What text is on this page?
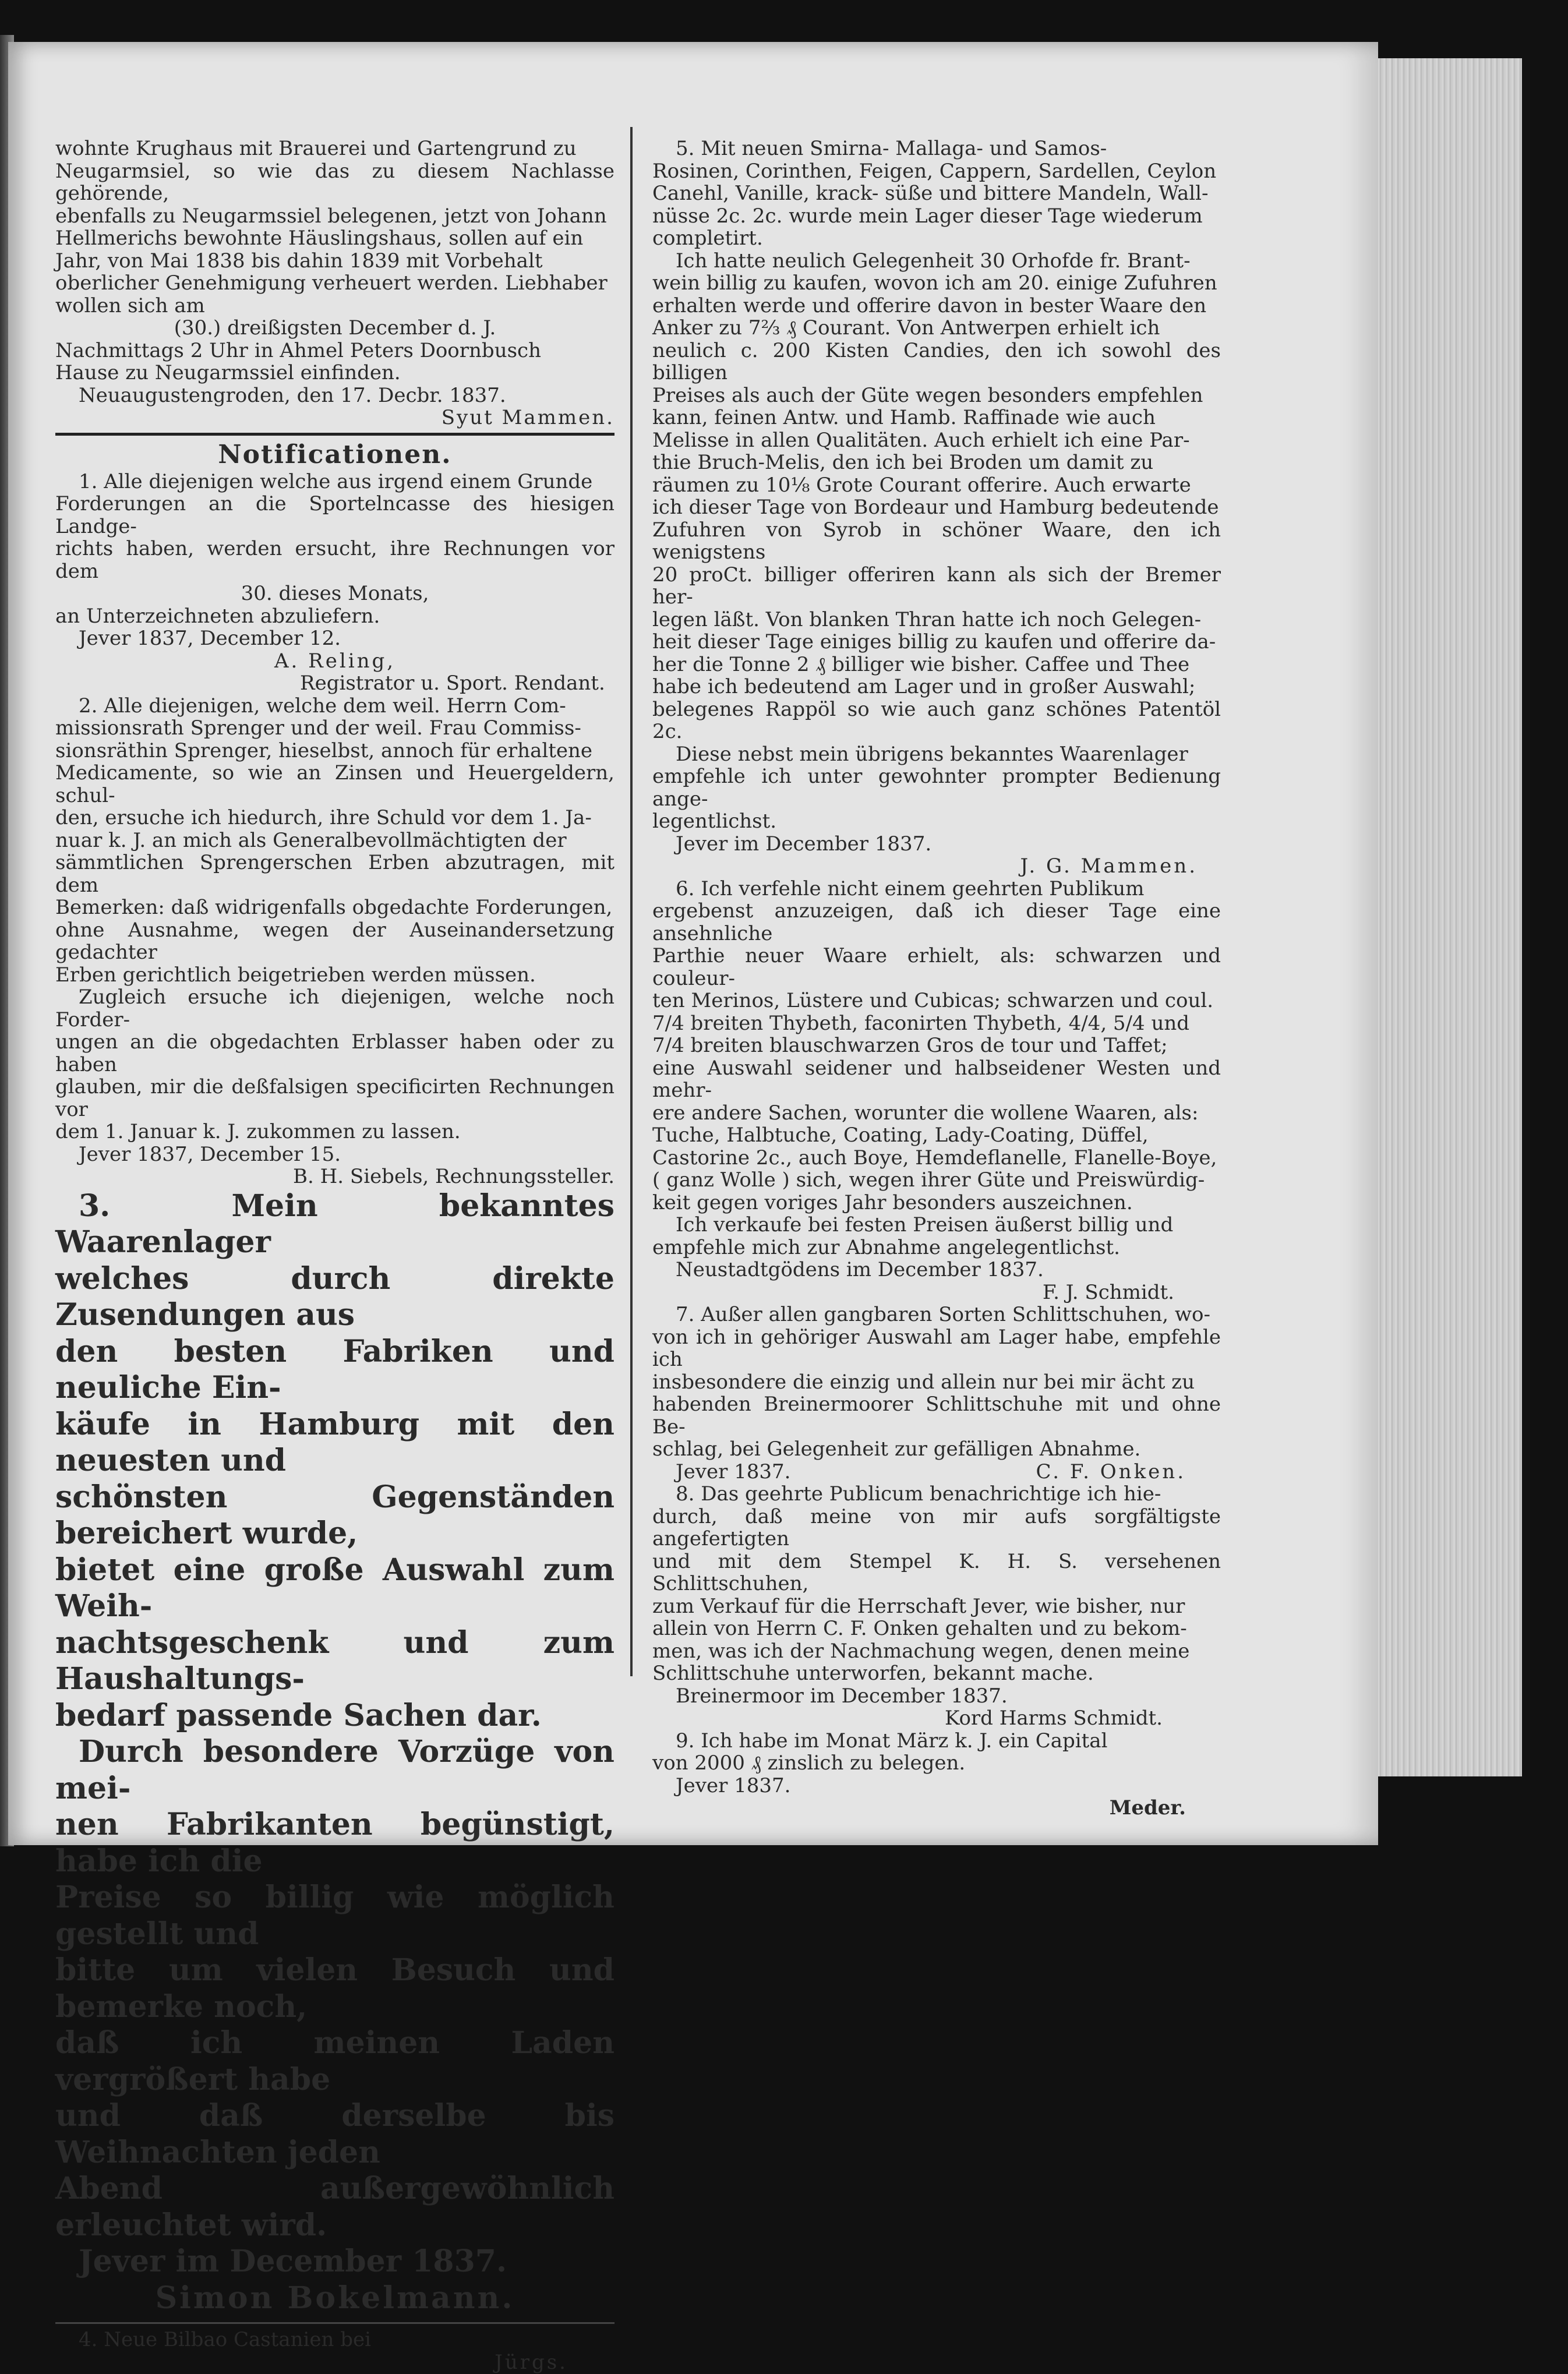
wohnte Krughaus mit Brauerei und Gartengrund zu

Neugarmsiel, so wie das zu diesem Nachlasse gehörende,

ebenfalls zu Neugarmssiel belegenen, jetzt von Johann

Hellmerichs bewohnte Häuslingshaus, sollen auf ein

Jahr, von Mai 1838 bis dahin 1839 mit Vorbehalt

oberlicher Genehmigung verheuert werden. Liebhaber

wollen sich am

(30.) dreißigsten December d. J.

Nachmittags 2 Uhr in Ahmel Peters Doornbusch

Hause zu Neugarmssiel einfinden.

Neuaugustengroden, den 17. Decbr. 1837.

Syut Mammen.

Notificationen.

1. Alle diejenigen welche aus irgend einem Grunde

Forderungen an die Sportelncasse des hiesigen Landge-

richts haben, werden ersucht, ihre Rechnungen vor dem

30. dieses Monats,

an Unterzeichneten abzuliefern.

Jever 1837, December 12.

A. Reling,

Registrator u. Sport. Rendant.

2. Alle diejenigen, welche dem weil. Herrn Com-

missionsrath Sprenger und der weil. Frau Commiss-

sionsräthin Sprenger, hieselbst, annoch für erhaltene

Medicamente, so wie an Zinsen und Heuergeldern, schul-

den, ersuche ich hiedurch, ihre Schuld vor dem 1. Ja-

nuar k. J. an mich als Generalbevollmächtigten der

sämmtlichen Sprengerschen Erben abzutragen, mit dem

Bemerken: daß widrigenfalls obgedachte Forderungen,

ohne Ausnahme, wegen der Auseinandersetzung gedachter

Erben gerichtlich beigetrieben werden müssen.

Zugleich ersuche ich diejenigen, welche noch Forder-

ungen an die obgedachten Erblasser haben oder zu haben

glauben, mir die deßfalsigen specificirten Rechnungen vor

dem 1. Januar k. J. zukommen zu lassen.

Jever 1837, December 15.

B. H. Siebels, Rechnungssteller.

3. Mein bekanntes Waarenlager

welches durch direkte Zusendungen aus

den besten Fabriken und neuliche Ein-

käufe in Hamburg mit den neuesten und

schönsten Gegenständen bereichert wurde,

bietet eine große Auswahl zum Weih-

nachtsgeschenk und zum Haushaltungs-

bedarf passende Sachen dar.

Durch besondere Vorzüge von mei-

nen Fabrikanten begünstigt, habe ich die

Preise so billig wie möglich gestellt und

bitte um vielen Besuch und bemerke noch,

daß ich meinen Laden vergrößert habe

und daß derselbe bis Weihnachten jeden

Abend außergewöhnlich erleuchtet wird.

Jever im December 1837.

Simon Bokelmann.

4. Neue Bilbao Castanien bei

Jürgs.

5. Mit neuen Smirna- Mallaga- und Samos-

Rosinen, Corinthen, Feigen, Cappern, Sardellen, Ceylon

Canehl, Vanille, krack- süße und bittere Mandeln, Wall-

nüsse 2c. 2c. wurde mein Lager dieser Tage wiederum

completirt.

Ich hatte neulich Gelegenheit 30 Orhofde fr. Brant-

wein billig zu kaufen, wovon ich am 20. einige Zufuhren

erhalten werde und offerire davon in bester Waare den

Anker zu 7⅔ ₰ Courant. Von Antwerpen erhielt ich

neulich c. 200 Kisten Candies, den ich sowohl des billigen

Preises als auch der Güte wegen besonders empfehlen

kann, feinen Antw. und Hamb. Raffinade wie auch

Melisse in allen Qualitäten. Auch erhielt ich eine Par-

thie Bruch-Melis, den ich bei Broden um damit zu

räumen zu 10⅛ Grote Courant offerire. Auch erwarte

ich dieser Tage von Bordeaur und Hamburg bedeutende

Zufuhren von Syrob in schöner Waare, den ich wenigstens

20 proCt. billiger offeriren kann als sich der Bremer her-

legen läßt. Von blanken Thran hatte ich noch Gelegen-

heit dieser Tage einiges billig zu kaufen und offerire da-

her die Tonne 2 ₰ billiger wie bisher. Caffee und Thee

habe ich bedeutend am Lager und in großer Auswahl;

belegenes Rappöl so wie auch ganz schönes Patentöl 2c.

Diese nebst mein übrigens bekanntes Waarenlager

empfehle ich unter gewohnter prompter Bedienung ange-

legentlichst.

Jever im December 1837.

J. G. Mammen.

6. Ich verfehle nicht einem geehrten Publikum

ergebenst anzuzeigen, daß ich dieser Tage eine ansehnliche

Parthie neuer Waare erhielt, als: schwarzen und couleur-

ten Merinos, Lüstere und Cubicas; schwarzen und coul.

7/4 breiten Thybeth, faconirten Thybeth, 4/4, 5/4 und

7/4 breiten blauschwarzen Gros de tour und Taffet;

eine Auswahl seidener und halbseidener Westen und mehr-

ere andere Sachen, worunter die wollene Waaren, als:

Tuche, Halbtuche, Coating, Lady-Coating, Düffel,

Castorine 2c., auch Boye, Hemdeflanelle, Flanelle-Boye,

( ganz Wolle ) sich, wegen ihrer Güte und Preiswürdig-

keit gegen voriges Jahr besonders auszeichnen.

Ich verkaufe bei festen Preisen äußerst billig und

empfehle mich zur Abnahme angelegentlichst.

Neustadtgödens im December 1837.

F. J. Schmidt.

7. Außer allen gangbaren Sorten Schlittschuhen, wo-

von ich in gehöriger Auswahl am Lager habe, empfehle ich

insbesondere die einzig und allein nur bei mir ächt zu

habenden Breinermoorer Schlittschuhe mit und ohne Be-

schlag, bei Gelegenheit zur gefälligen Abnahme.

Jever 1837.	C. F. Onken.

8. Das geehrte Publicum benachrichtige ich hie-

durch, daß meine von mir aufs sorgfältigste angefertigten

und mit dem Stempel K. H. S. versehenen Schlittschuhen,

zum Verkauf für die Herrschaft Jever, wie bisher, nur

allein von Herrn C. F. Onken gehalten und zu bekom-

men, was ich der Nachmachung wegen, denen meine

Schlittschuhe unterworfen, bekannt mache.

Breinermoor im December 1837.

Kord Harms Schmidt.

9. Ich habe im Monat März k. J. ein Capital

von 2000 ₰ zinslich zu belegen.

Jever 1837.

Meder.
